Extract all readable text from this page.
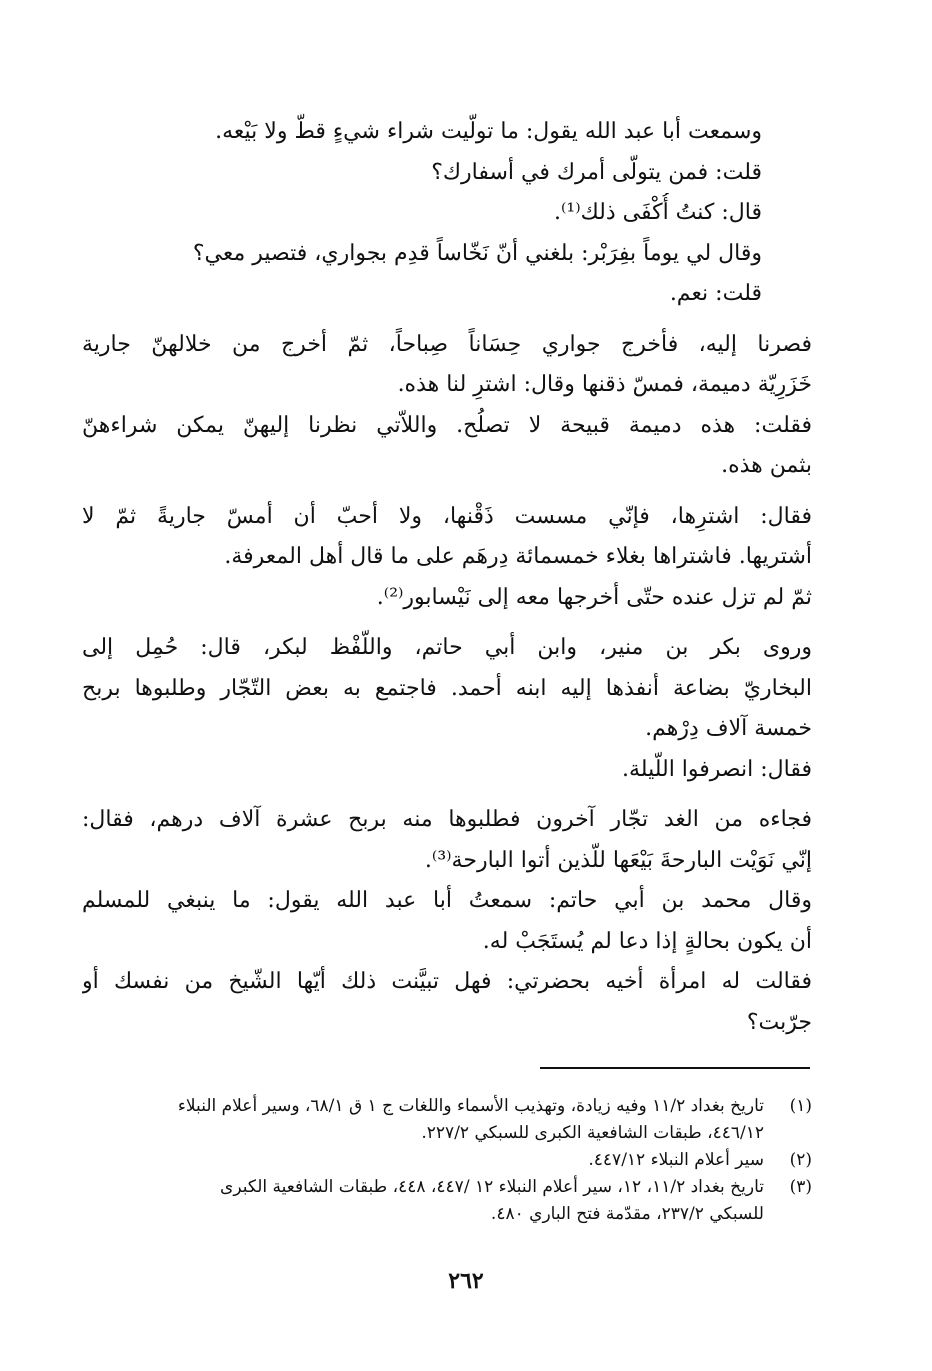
وسمعت أبا عبد الله يقول: ما تولّيت شراء شيءٍ قطّ ولا بَيْعه.
قلت: فمن يتولّى أمرك في أسفارك؟
قال: كنتُ أُكْفَى ذلك⁽¹⁾.
وقال لي يوماً بفِرَبْر: بلغني أنّ نَخّاساً قدِم بجواري، فتصير معي؟
قلت: نعم.
فصرنا إليه، فأخرج جواري حِسَاناً صِباحاً، ثمّ أخرج من خلالهنّ جارية
خَزَرِيّة دميمة، فمسّ ذقنها وقال: اشترِ لنا هذه.
فقلت: هذه دميمة قبيحة لا تصلُح. واللاّتي نظرنا إليهنّ يمكن شراءهنّ
بثمن هذه.
فقال: اشترِها، فإنّي مسست ذَقْنها، ولا أحبّ أن أمسّ جاريةً ثمّ لا
أشتريها. فاشتراها بغلاء خمسمائة دِرهَم على ما قال أهل المعرفة.
ثمّ لم تزل عنده حتّى أخرجها معه إلى نَيْسابور⁽²⁾.
وروى بكر بن منير، وابن أبي حاتم، واللّفْظ لبكر، قال: حُمِل إلى
البخاريّ بضاعة أنفذها إليه ابنه أحمد. فاجتمع به بعض التّجّار وطلبوها بربح
خمسة آلاف دِرْهم.
فقال: انصرفوا اللّيلة.
فجاءه من الغد تجّار آخرون فطلبوها منه بربح عشرة آلاف درهم، فقال:
إنّي نَوَيْت البارحةَ بَيْعَها للّذين أتوا البارحة⁽³⁾.
وقال محمد بن أبي حاتم: سمعتُ أبا عبد الله يقول: ما ينبغي للمسلم
أن يكون بحالةٍ إذا دعا لم يُستَجَبْ له.
فقالت له امرأة أخيه بحضرتي: فهل تبيَّنت ذلك أيّها الشّيخ من نفسك أو
جرّبت؟
(١)
تاريخ بغداد ١١/٢ وفيه زيادة، وتهذيب الأسماء واللغات ج ١ ق ٦٨/١، وسير أعلام النبلاء
٤٤٦/١٢، طبقات الشافعية الكبرى للسبكي ٢٢٧/٢.
(٢)
سير أعلام النبلاء ٤٤٧/١٢.
(٣)
تاريخ بغداد ١١/٢، ١٢، سير أعلام النبلاء ١٢ /٤٤٧، ٤٤٨، طبقات الشافعية الكبرى
للسبكي ٢٣٧/٢، مقدّمة فتح الباري ٤٨٠.
٢٦٢
